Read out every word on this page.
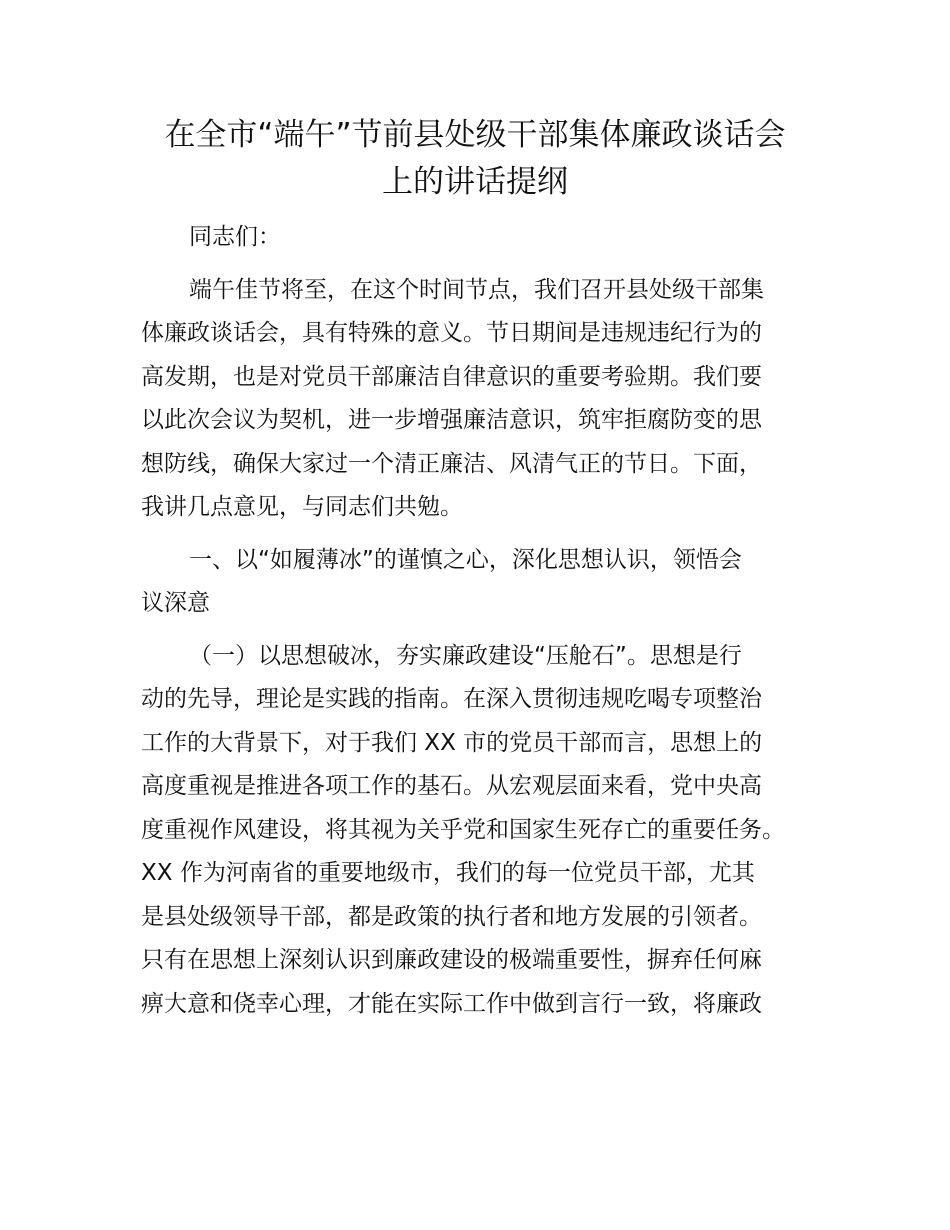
在全市“端午”节前县处级干部集体廉政谈话会
上的讲话提纲

同志们：

端午佳节将至，在这个时间节点，我们召开县处级干部集
体廉政谈话会，具有特殊的意义。节日期间是违规违纪行为的
高发期，也是对党员干部廉洁自律意识的重要考验期。我们要
以此次会议为契机，进一步增强廉洁意识，筑牢拒腐防变的思
想防线，确保大家过一个清正廉洁、风清气正的节日。下面，
我讲几点意见，与同志们共勉。

一、以“如履薄冰”的谨慎之心，深化思想认识，领悟会
议深意

（一）以思想破冰，夯实廉政建设“压舱石”。思想是行
动的先导，理论是实践的指南。在深入贯彻违规吃喝专项整治
工作的大背景下，对于我们 XX 市的党员干部而言，思想上的
高度重视是推进各项工作的基石。从宏观层面来看，党中央高
度重视作风建设，将其视为关乎党和国家生死存亡的重要任务。
XX 作为河南省的重要地级市，我们的每一位党员干部，尤其
是县处级领导干部，都是政策的执行者和地方发展的引领者。
只有在思想上深刻认识到廉政建设的极端重要性，摒弃任何麻
痹大意和侥幸心理，才能在实际工作中做到言行一致，将廉政
